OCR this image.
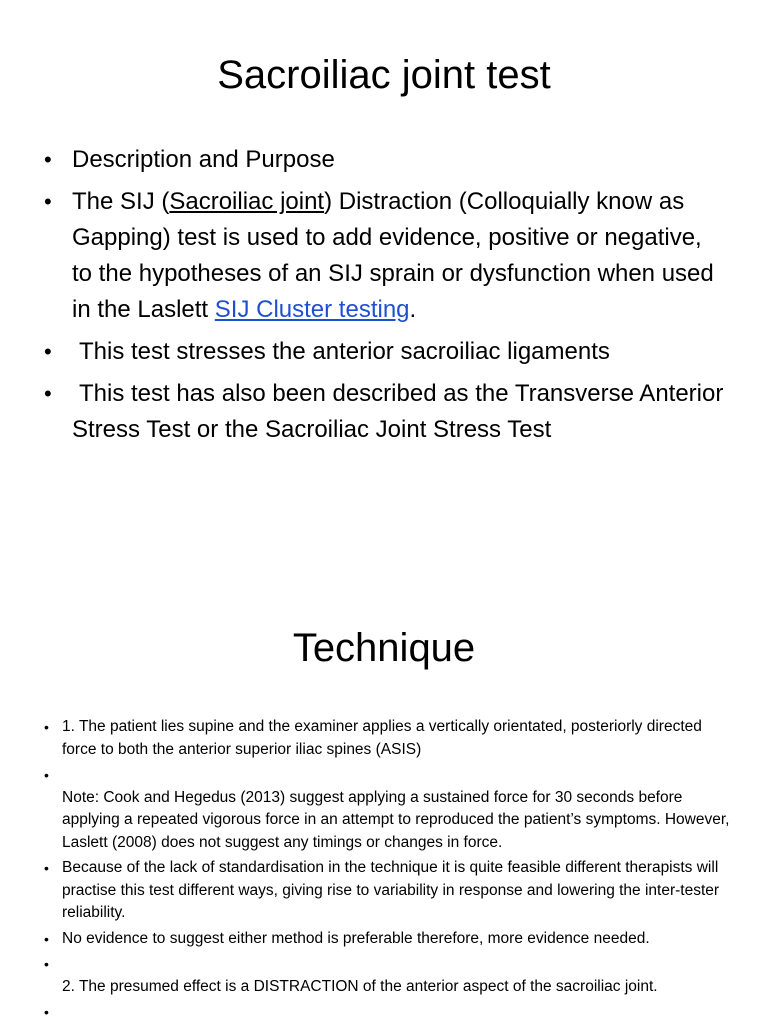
Sacroiliac joint test
• Description and Purpose
• The SIJ (Sacroiliac joint) Distraction (Colloquially know as Gapping) test is used to add evidence, positive or negative, to the hypotheses of an SIJ sprain or dysfunction when used in the Laslett SIJ Cluster testing.
• This test stresses the anterior sacroiliac ligaments
• This test has also been described as the Transverse Anterior Stress Test or the Sacroiliac Joint Stress Test
Technique
• 1. The patient lies supine and the examiner applies a vertically orientated, posteriorly directed force to both the anterior superior iliac spines (ASIS)
•
Note: Cook and Hegedus (2013) suggest applying a sustained force for 30 seconds before applying a repeated vigorous force in an attempt to reproduced the patient’s symptoms. However, Laslett (2008) does not suggest any timings or changes in force.
• Because of the lack of standardisation in the technique it is quite feasible different therapists will practise this test different ways, giving rise to variability in response and lowering the inter-tester reliability.
• No evidence to suggest either method is preferable therefore, more evidence needed.
•
2. The presumed effect is a DISTRACTION of the anterior aspect of the sacroiliac joint.
•
